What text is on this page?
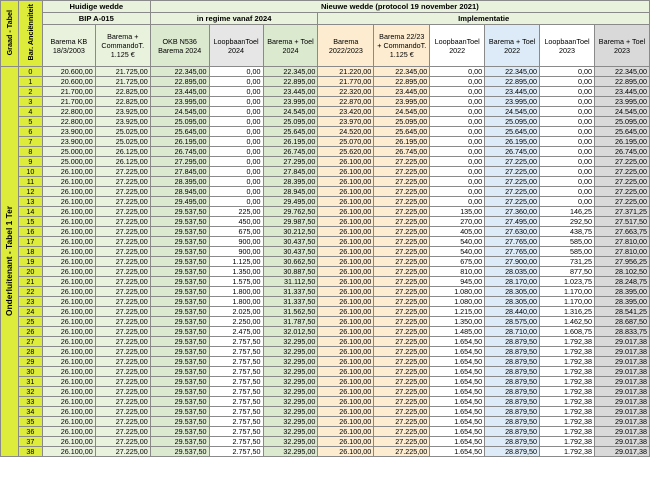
Graad - Tabel	Bar. Anciënniteit	Huidige wedde		Nieuwe wedde (protocol 19 november 2021)								
		BIP A-015		in regime vanaf 2024			Implementatie					
		Barema KB 18/3/2003	Barema + CommandoT. 1.125 €	OKB N536 Barema 2024	LoopbaanToel 2024	Barema + Toel 2024	Barema 2022/2023	Barema 22/23 + CommandoT. 1.125 €	LoopbaanToel 2022	Barema + Toel 2022	LoopbaanToel 2023	Barema + Toel 2023
Onderluitenant - Tabel 1 Ter	0	20.600,00	21.725,00	22.345,00	0,00	22.345,00	21.220,00	22.345,00	0,00	22.345,00	0,00	22.345,00
	1	20.600,00	21.725,00	22.895,00	0,00	22.895,00	21.770,00	22.895,00	0,00	22.895,00	0,00	22.895,00
	2	21.700,00	22.825,00	23.445,00	0,00	23.445,00	22.320,00	23.445,00	0,00	23.445,00	0,00	23.445,00
	3	21.700,00	22.825,00	23.995,00	0,00	23.995,00	22.870,00	23.995,00	0,00	23.995,00	0,00	23.995,00
	4	22.800,00	23.925,00	24.545,00	0,00	24.545,00	23.420,00	24.545,00	0,00	24.545,00	0,00	24.545,00
	5	22.800,00	23.925,00	25.095,00	0,00	25.095,00	23.970,00	25.095,00	0,00	25.095,00	0,00	25.095,00
	6	23.900,00	25.025,00	25.645,00	0,00	25.645,00	24.520,00	25.645,00	0,00	25.645,00	0,00	25.645,00
	7	23.900,00	25.025,00	26.195,00	0,00	26.195,00	25.070,00	26.195,00	0,00	26.195,00	0,00	26.195,00
	8	25.000,00	26.125,00	26.745,00	0,00	26.745,00	25.620,00	26.745,00	0,00	26.745,00	0,00	26.745,00
	9	25.000,00	26.125,00	27.295,00	0,00	27.295,00	26.100,00	27.225,00	0,00	27.225,00	0,00	27.225,00
	10	26.100,00	27.225,00	27.845,00	0,00	27.845,00	26.100,00	27.225,00	0,00	27.225,00	0,00	27.225,00
	11	26.100,00	27.225,00	28.395,00	0,00	28.395,00	26.100,00	27.225,00	0,00	27.225,00	0,00	27.225,00
	12	26.100,00	27.225,00	28.945,00	0,00	28.945,00	26.100,00	27.225,00	0,00	27.225,00	0,00	27.225,00
	13	26.100,00	27.225,00	29.495,00	0,00	29.495,00	26.100,00	27.225,00	0,00	27.225,00	0,00	27.225,00
	14	26.100,00	27.225,00	29.537,50	225,00	29.762,50	26.100,00	27.225,00	135,00	27.360,00	146,25	27.371,25
	15	26.100,00	27.225,00	29.537,50	450,00	29.987,50	26.100,00	27.225,00	270,00	27.495,00	292,50	27.517,50
	16	26.100,00	27.225,00	29.537,50	675,00	30.212,50	26.100,00	27.225,00	405,00	27.630,00	438,75	27.663,75
	17	26.100,00	27.225,00	29.537,50	900,00	30.437,50	26.100,00	27.225,00	540,00	27.765,00	585,00	27.810,00
	18	26.100,00	27.225,00	29.537,50	900,00	30.437,50	26.100,00	27.225,00	540,00	27.765,00	585,00	27.810,00
	19	26.100,00	27.225,00	29.537,50	1.125,00	30.662,50	26.100,00	27.225,00	675,00	27.900,00	731,25	27.956,25
	20	26.100,00	27.225,00	29.537,50	1.350,00	30.887,50	26.100,00	27.225,00	810,00	28.035,00	877,50	28.102,50
	21	26.100,00	27.225,00	29.537,50	1.575,00	31.112,50	26.100,00	27.225,00	945,00	28.170,00	1.023,75	28.248,75
	22	26.100,00	27.225,00	29.537,50	1.800,00	31.337,50	26.100,00	27.225,00	1.080,00	28.305,00	1.170,00	28.395,00
	23	26.100,00	27.225,00	29.537,50	1.800,00	31.337,50	26.100,00	27.225,00	1.080,00	28.305,00	1.170,00	28.395,00
	24	26.100,00	27.225,00	29.537,50	2.025,00	31.562,50	26.100,00	27.225,00	1.215,00	28.440,00	1.316,25	28.541,25
	25	26.100,00	27.225,00	29.537,50	2.250,00	31.787,50	26.100,00	27.225,00	1.350,00	28.575,00	1.462,50	28.687,50
	26	26.100,00	27.225,00	29.537,50	2.475,00	32.012,50	26.100,00	27.225,00	1.485,00	28.710,00	1.608,75	28.833,75
	27	26.100,00	27.225,00	29.537,50	2.757,50	32.295,00	26.100,00	27.225,00	1.654,50	28.879,50	1.792,38	29.017,38
	28	26.100,00	27.225,00	29.537,50	2.757,50	32.295,00	26.100,00	27.225,00	1.654,50	28.879,50	1.792,38	29.017,38
	29	26.100,00	27.225,00	29.537,50	2.757,50	32.295,00	26.100,00	27.225,00	1.654,50	28.879,50	1.792,38	29.017,38
	30	26.100,00	27.225,00	29.537,50	2.757,50	32.295,00	26.100,00	27.225,00	1.654,50	28.879,50	1.792,38	29.017,38
	31	26.100,00	27.225,00	29.537,50	2.757,50	32.295,00	26.100,00	27.225,00	1.654,50	28.879,50	1.792,38	29.017,38
	32	26.100,00	27.225,00	29.537,50	2.757,50	32.295,00	26.100,00	27.225,00	1.654,50	28.879,50	1.792,38	29.017,38
	33	26.100,00	27.225,00	29.537,50	2.757,50	32.295,00	26.100,00	27.225,00	1.654,50	28.879,50	1.792,38	29.017,38
	34	26.100,00	27.225,00	29.537,50	2.757,50	32.295,00	26.100,00	27.225,00	1.654,50	28.879,50	1.792,38	29.017,38
	35	26.100,00	27.225,00	29.537,50	2.757,50	32.295,00	26.100,00	27.225,00	1.654,50	28.879,50	1.792,38	29.017,38
	36	26.100,00	27.225,00	29.537,50	2.757,50	32.295,00	26.100,00	27.225,00	1.654,50	28.879,50	1.792,38	29.017,38
	37	26.100,00	27.225,00	29.537,50	2.757,50	32.295,00	26.100,00	27.225,00	1.654,50	28.879,50	1.792,38	29.017,38
	38	26.100,00	27.225,00	29.537,50	2.757,50	32.295,00	26.100,00	27.225,00	1.654,50	28.879,50	1.792,38	29.017,38
